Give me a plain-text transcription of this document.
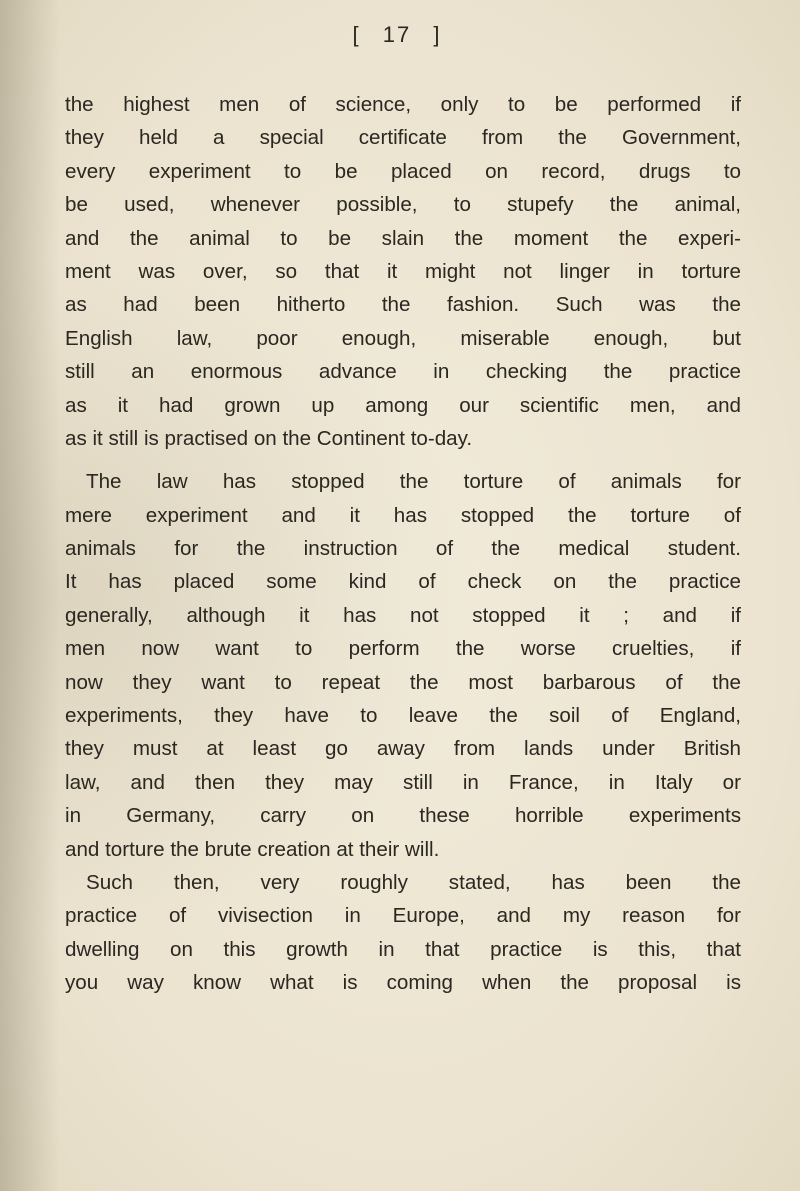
[ 17 ]
the highest men of science, only to be performed if
they held a special certificate from the Government,
every experiment to be placed on record, drugs to
be used, whenever possible, to stupefy the animal,
and the animal to be slain the moment the experi-
ment was over, so that it might not linger in torture
as had been hitherto the fashion. Such was the
English law, poor enough, miserable enough, but
still an enormous advance in checking the practice
as it had grown up among our scientific men, and
as it still is practised on the Continent to-day.
The law has stopped the torture of animals for
mere experiment and it has stopped the torture of
animals for the instruction of the medical student.
It has placed some kind of check on the practice
generally, although it has not stopped it ; and if
men now want to perform the worse cruelties, if
now they want to repeat the most barbarous of the
experiments, they have to leave the soil of England,
they must at least go away from lands under British
law, and then they may still in France, in Italy or
in Germany, carry on these horrible experiments
and torture the brute creation at their will.
Such then, very roughly stated, has been the
practice of vivisection in Europe, and my reason for
dwelling on this growth in that practice is this, that
you way know what is coming when the proposal is
